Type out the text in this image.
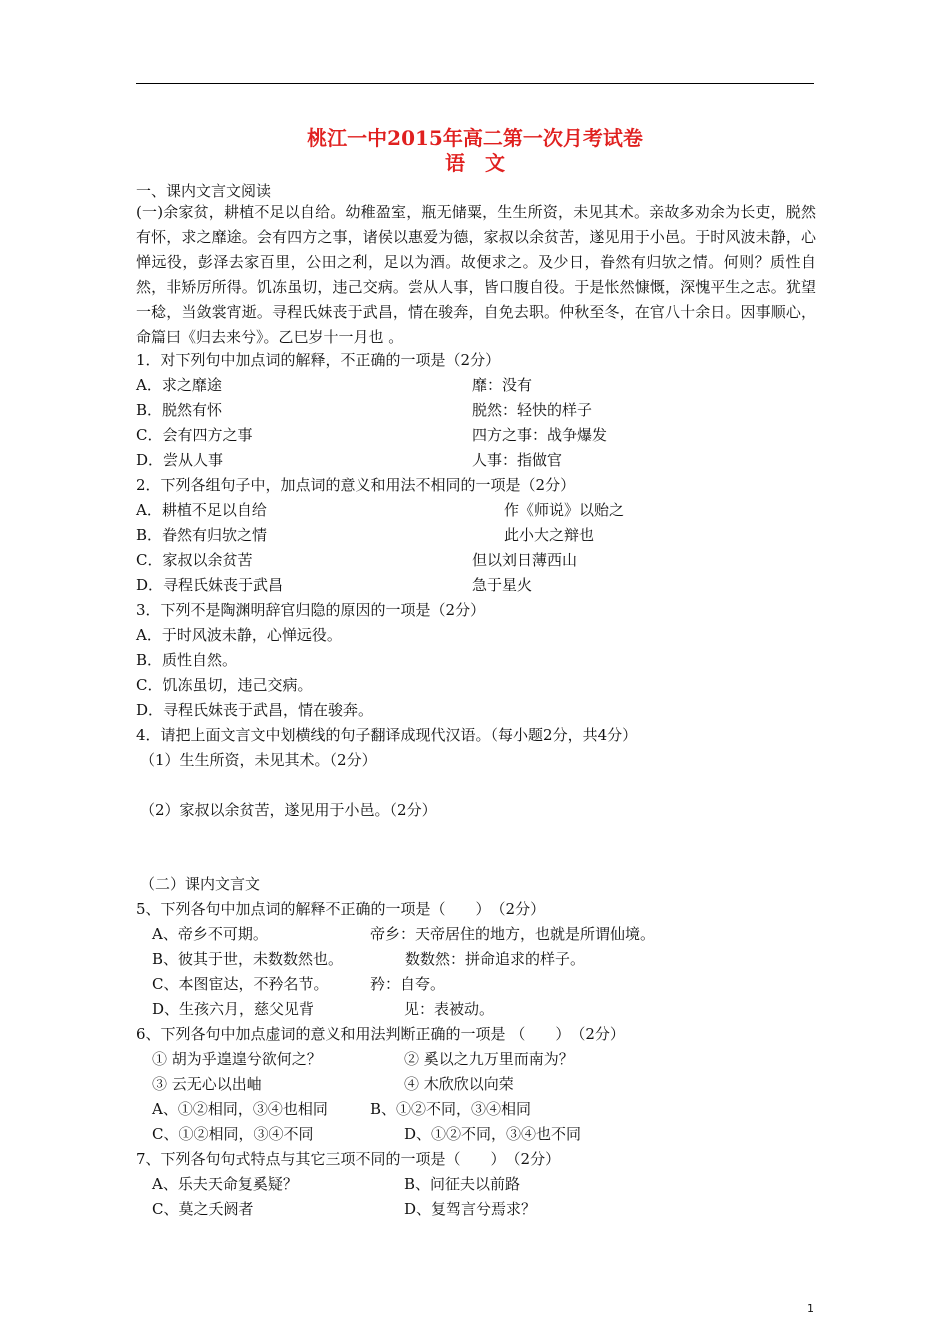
桃江一中2015年高二第一次月考试卷
语　文
一、课内文言文阅读
(一)余家贫，耕植不足以自给。幼稚盈室，瓶无储粟，生生所资，未见其术。亲故多劝余为长吏，脱然有怀，求之靡途。会有四方之事，诸侯以惠爱为德，家叔以余贫苦，遂见用于小邑。于时风波未静，心惮远役，彭泽去家百里，公田之利，足以为酒。故便求之。及少日，眷然有归欤之情。何则？质性自然，非矫厉所得。饥冻虽切，违己交病。尝从人事，皆口腹自役。于是怅然慷慨，深愧平生之志。犹望一稔，当敛裳宵逝。寻程氏妹丧于武昌，情在骏奔，自免去职。仲秋至冬，在官八十余日。因事顺心，命篇曰《归去来兮》。乙巳岁十一月也 。
1．对下列句中加点词的解释，不正确的一项是（2分）
A．求之靡途	靡：没有
B．脱然有怀	脱然：轻快的样子
C．会有四方之事	四方之事：战争爆发
D．尝从人事	人事：指做官
2．下列各组句子中，加点词的意义和用法不相同的一项是（2分）
A．耕植不足以自给	作《师说》以贻之
B．眷然有归欤之情	此小大之辩也
C．家叔以余贫苦	但以刘日薄西山
D．寻程氏妹丧于武昌	急于星火
3．下列不是陶渊明辞官归隐的原因的一项是（2分）
A．于时风波未静，心惮远役。
B．质性自然。
C．饥冻虽切，违己交病。
D．寻程氏妹丧于武昌，情在骏奔。
4．请把上面文言文中划横线的句子翻译成现代汉语。（每小题2分，共4分）
（1）生生所资，未见其术。（2分）
（2）家叔以余贫苦，遂见用于小邑。（2分）
（二）课内文言文
5、下列各句中加点词的解释不正确的一项是（　　）　（2分）
A、帝乡不可期。	帝乡：天帝居住的地方，也就是所谓仙境。
B、彼其于世，未数数然也。	数数然：拼命追求的样子。
C、本图宦达，不矜名节。	矜：自夸。
D、生孩六月，慈父见背	见：表被动。
6、下列各句中加点虚词的意义和用法判断正确的一项是 （　　）　（2分）
① 胡为乎遑遑兮欲何之？	② 奚以之九万里而南为？
③ 云无心以出岫	④ 木欣欣以向荣
A、①②相同，③④也相同	B、①②不同，③④相同
C、①②相同，③④不同	D、①②不同，③④也不同
7、下列各句句式特点与其它三项不同的一项是（　　）　（2分）
A、乐夫天命复奚疑？	B、问征夫以前路
C、莫之夭阏者	D、复驾言兮焉求？
1
